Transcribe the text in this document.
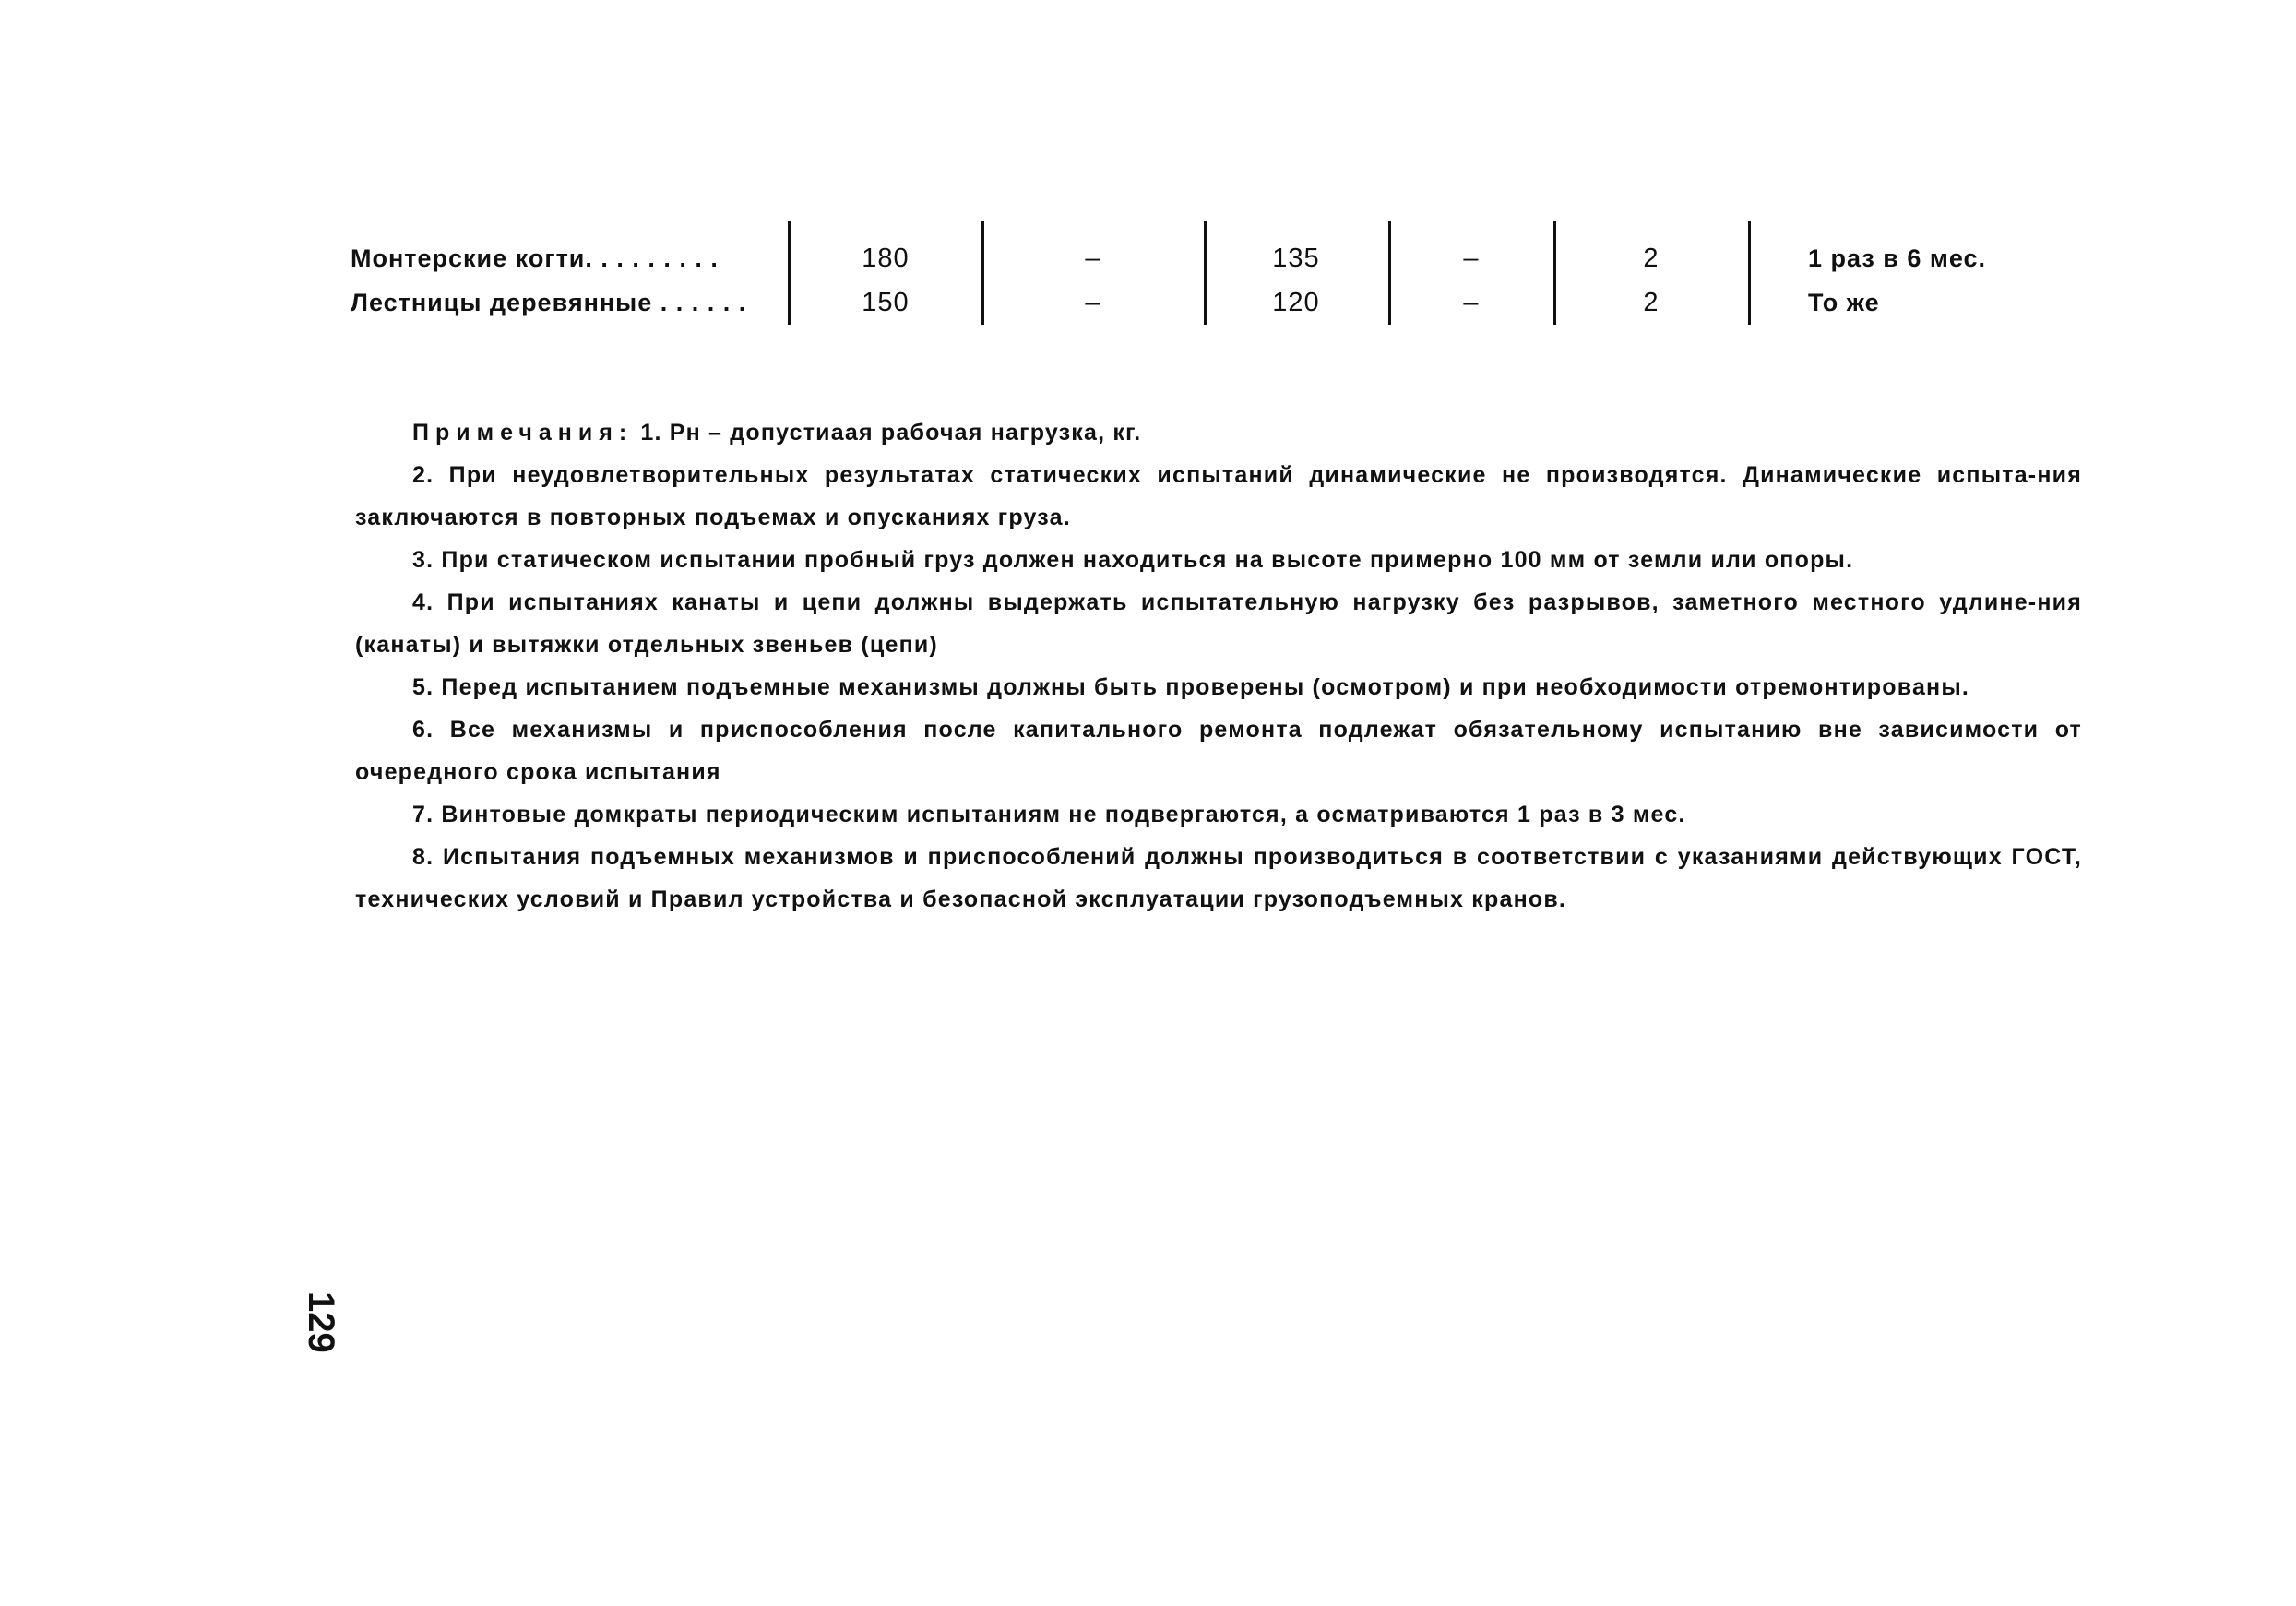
Монтерские когти. . . . . . . . .	180	–	135	–	2	1 раз в 6 мес.
Лестницы деревянные . . . . . .	150	–	120	–	2	То же

Примечания: 1. Рн – допустиаая рабочая нагрузка, кг.

2. При неудовлетворительных результатах статических испытаний динамические не производятся. Динамические испыта-ния заключаются в повторных подъемах и опусканиях груза.

3. При статическом испытании пробный груз должен находиться на высоте примерно 100 мм от земли или опоры.

4. При испытаниях канаты и цепи должны выдержать испытательную нагрузку без разрывов, заметного местного удлине-ния (канаты) и вытяжки отдельных звеньев (цепи)

5. Перед испытанием подъемные механизмы должны быть проверены (осмотром) и при необходимости отремонтированы.

6. Все механизмы и приспособления после капитального ремонта подлежат обязательному испытанию вне зависимости от очередного срока испытания

7. Винтовые домкраты периодическим испытаниям не подвергаются, а осматриваются 1 раз в 3 мес.

8. Испытания подъемных механизмов и приспособлений должны производиться в соответствии с указаниями действующих ГОСТ, технических условий и Правил устройства и безопасной эксплуатации грузоподъемных кранов.

129
